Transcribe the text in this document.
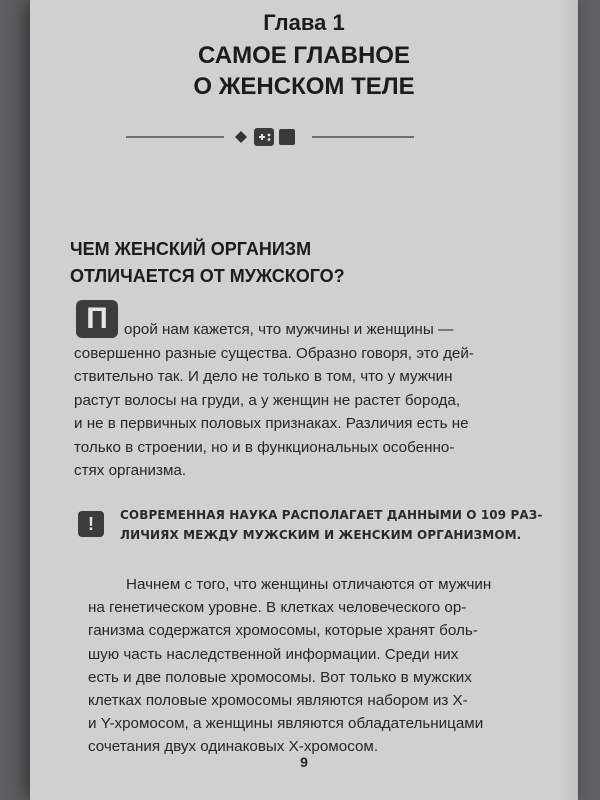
Глава 1
САМОЕ ГЛАВНОЕ
О ЖЕНСКОМ ТЕЛЕ
ЧЕМ ЖЕНСКИЙ ОРГАНИЗМ
ОТЛИЧАЕТСЯ ОТ МУЖСКОГО?
П	орой нам кажется, что мужчины и женщины —
совершенно разные существа. Образно говоря, это дей-
ствительно так. И дело не только в том, что у мужчин
растут волосы на груди, а у женщин не растет борода,
и не в первичных половых признаках. Различия есть не
только в строении, но и в функциональных особенно-
стях организма.
!	СОВРЕМЕННАЯ НАУКА РАСПОЛАГАЕТ ДАННЫМИ О 109 РАЗ-
ЛИЧИЯХ МЕЖДУ МУЖСКИМ И ЖЕНСКИМ ОРГАНИЗМОМ.
Начнем с того, что женщины отличаются от мужчин
на генетическом уровне. В клетках человеческого ор-
ганизма содержатся хромосомы, которые хранят боль-
шую часть наследственной информации. Среди них
есть и две половые хромосомы. Вот только в мужских
клетках половые хромосомы являются набором из X-
и Y-хромосом, а женщины являются обладательницами
сочетания двух одинаковых X-хромосом.
9
